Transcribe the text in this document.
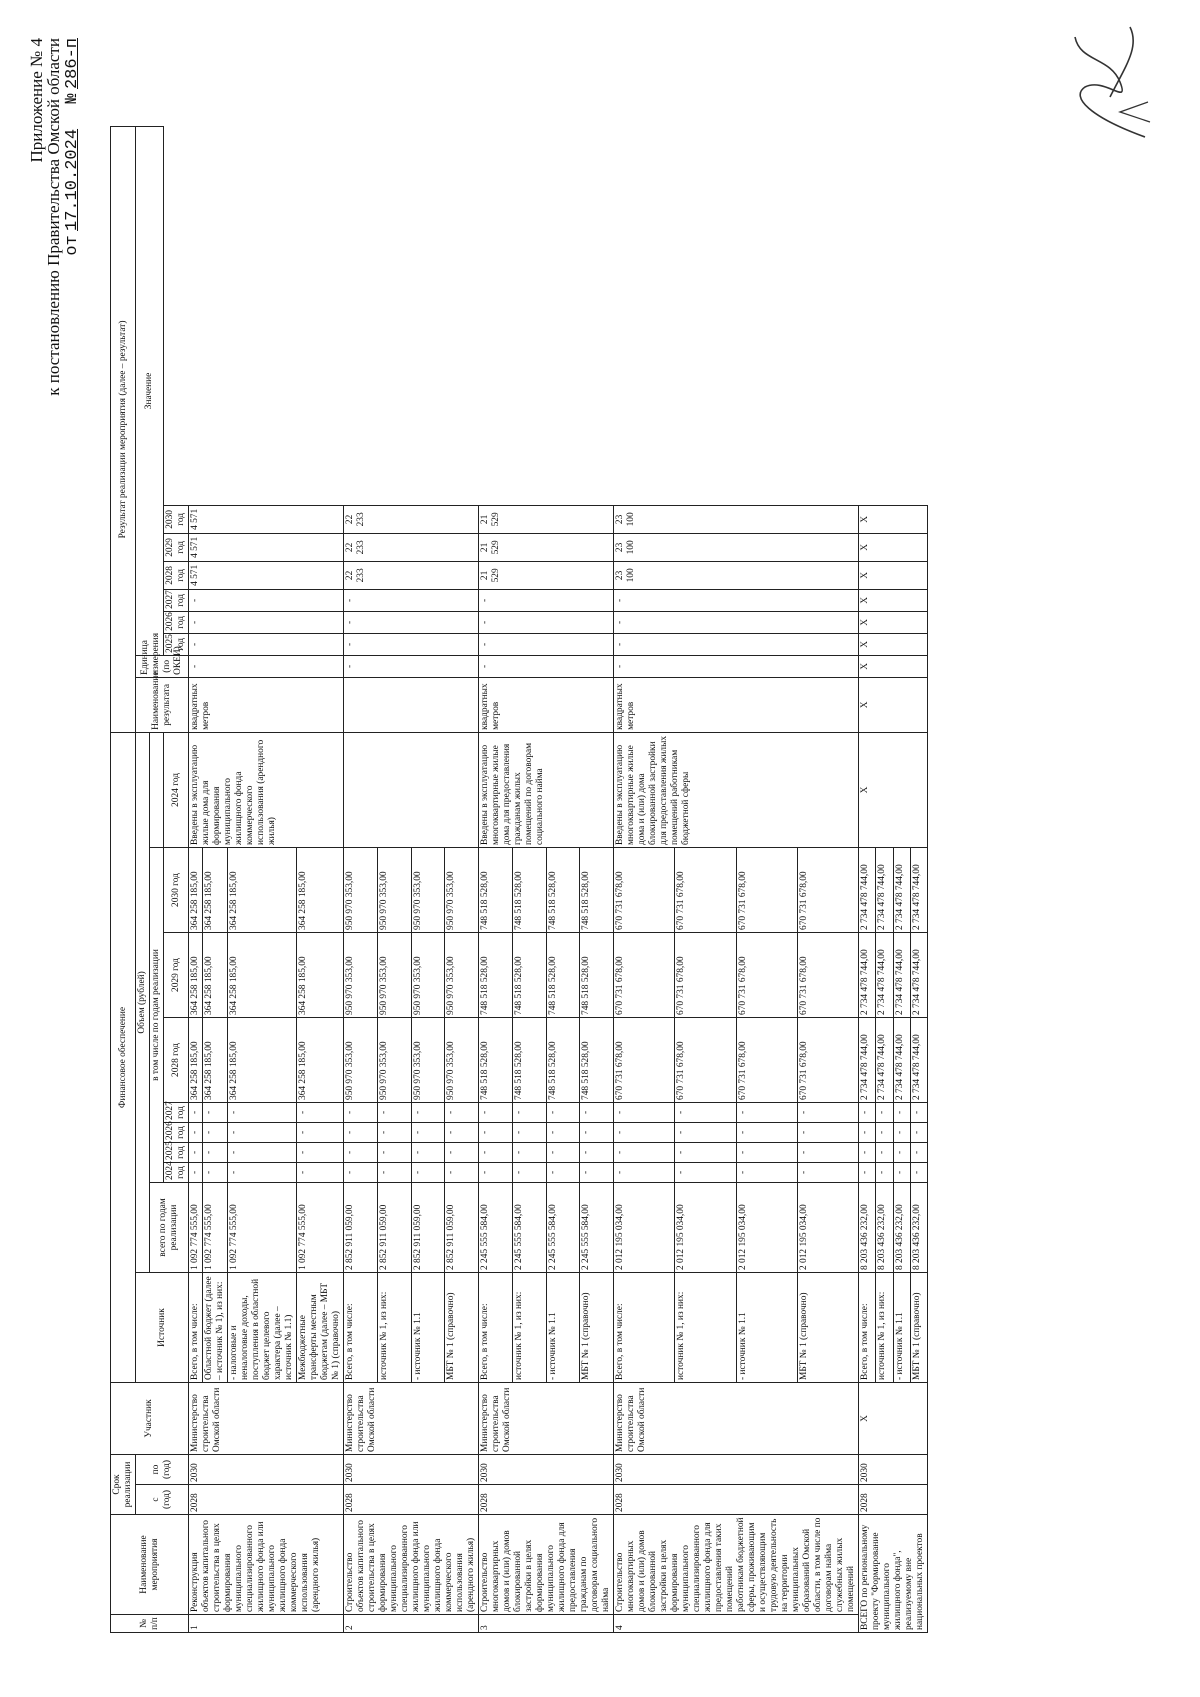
Приложение № 4
к постановлению Правительства Омской области от 17.10.2024      № 286-п
№ п/п	Наименование мероприятия	Срок реализации		Участник	Финансовое обеспечение										Результат реализации мероприятия (далее – результат)							
		с (год)	по (год)		Источник	Объем (рублей)									Наименование результата	Единица измерения (по ОКЕИ)	Значение					
						всего по годам реализации	в том числе по годам реализации															
							2024 год	2025 год	2026 год	2027 год	2028 год	2029 год	2030 год	2024 год			2025 год	2026 год	2027 год	2028 год	2029 год	2030 год
1	Реконструкция объектов капитального строительства в целях формирования муниципального специализированного жилищного фонда или муниципального жилищного фонда коммерческого использования (арендного жилья)	2028	2030	Министерство строительства Омской области	Всего, в том числе:	1 092 774 555,00	-	-	-	-	364 258 185,00	364 258 185,00	364 258 185,00	Введены в эксплуатацию жилые дома для формирования муниципального жилищного фонда коммерческого использования (арендного жилья)	квадратных метров	-	-	-	-	4 571	4 571	4 571
					Областной бюджет (далее – источник № 1), из них:	1 092 774 555,00	-	-	-	-	364 258 185,00	364 258 185,00	364 258 185,00									
					- налоговые и неналоговые доходы, поступления в областной бюджет целевого характера (далее – источник № 1.1)	1 092 774 555,00	-	-	-	-	364 258 185,00	364 258 185,00	364 258 185,00									
					Межбюджетные трансферты местным бюджетам (далее – МБТ № 1) (справочно)	1 092 774 555,00	-	-	-	-	364 258 185,00	364 258 185,00	364 258 185,00									
2	Строительство объектов капитального строительства в целях формирования муниципального специализированного жилищного фонда или муниципального жилищного фонда коммерческого использования (арендного жилья)	2028	2030	Министерство строительства Омской области	Всего, в том числе:	2 852 911 059,00	-	-	-	-	950 970 353,00	950 970 353,00	950 970 353,00			-	-	-	-	22 233	22 233	22 233
					источник № 1, из них:	2 852 911 059,00	-	-	-	-	950 970 353,00	950 970 353,00	950 970 353,00									
					- источник № 1.1	2 852 911 059,00	-	-	-	-	950 970 353,00	950 970 353,00	950 970 353,00									
					МБТ № 1 (справочно)	2 852 911 059,00	-	-	-	-	950 970 353,00	950 970 353,00	950 970 353,00									
3	Строительство многоквартирных домов и (или) домов блокированной застройки в целях формирования муниципального жилищного фонда для предоставления гражданам по договорам социального найма	2028	2030	Министерство строительства Омской области	Всего, в том числе:	2 245 555 584,00	-	-	-	-	748 518 528,00	748 518 528,00	748 518 528,00	Введены в эксплуатацию многоквартирные жилые дома для предоставления гражданам жилых помещений по договорам социального найма	квадратных метров	-	-	-	-	21 529	21 529	21 529
					источник № 1, из них:	2 245 555 584,00	-	-	-	-	748 518 528,00	748 518 528,00	748 518 528,00									
					- источник № 1.1	2 245 555 584,00	-	-	-	-	748 518 528,00	748 518 528,00	748 518 528,00									
					МБТ № 1 (справочно)	2 245 555 584,00	-	-	-	-	748 518 528,00	748 518 528,00	748 518 528,00									
4	Строительство многоквартирных домов и (или) домов блокированной застройки в целях формирования муниципального специализированного жилищного фонда для предоставления таких помещений работникам бюджетной сферы, проживающим и осуществляющим трудовую деятельность на территории муниципальных образований Омской области, в том числе по договорам найма служебных жилых помещений	2028	2030	Министерство строительства Омской области	Всего, в том числе:	2 012 195 034,00	-	-	-	-	670 731 678,00	670 731 678,00	670 731 678,00	Введены в эксплуатацию многоквартирные жилые дома и (или) дома блокированной застройки для предоставления жилых помещений работникам бюджетной сферы	квадратных метров	-	-	-	-	23 100	23 100	23 100
					источник № 1, из них:	2 012 195 034,00	-	-	-	-	670 731 678,00	670 731 678,00	670 731 678,00									
					- источник № 1.1	2 012 195 034,00	-	-	-	-	670 731 678,00	670 731 678,00	670 731 678,00									
					МБТ № 1 (справочно)	2 012 195 034,00	-	-	-	-	670 731 678,00	670 731 678,00	670 731 678,00									
ВСЕГО по региональному проекту "Формирование муниципального жилищного фонда", реализуемому вне национальных проектов		2028	2030	X	Всего, в том числе:	8 203 436 232,00	-	-	-	-	2 734 478 744,00	2 734 478 744,00	2 734 478 744,00	X	X	X	X	X	X	X	X	X
					источник № 1, из них:	8 203 436 232,00	-	-	-	-	2 734 478 744,00	2 734 478 744,00	2 734 478 744,00									
					- источник № 1.1	8 203 436 232,00	-	-	-	-	2 734 478 744,00	2 734 478 744,00	2 734 478 744,00									
					МБТ № 1 (справочно)	8 203 436 232,00	-	-	-	-	2 734 478 744,00	2 734 478 744,00	2 734 478 744,00									
